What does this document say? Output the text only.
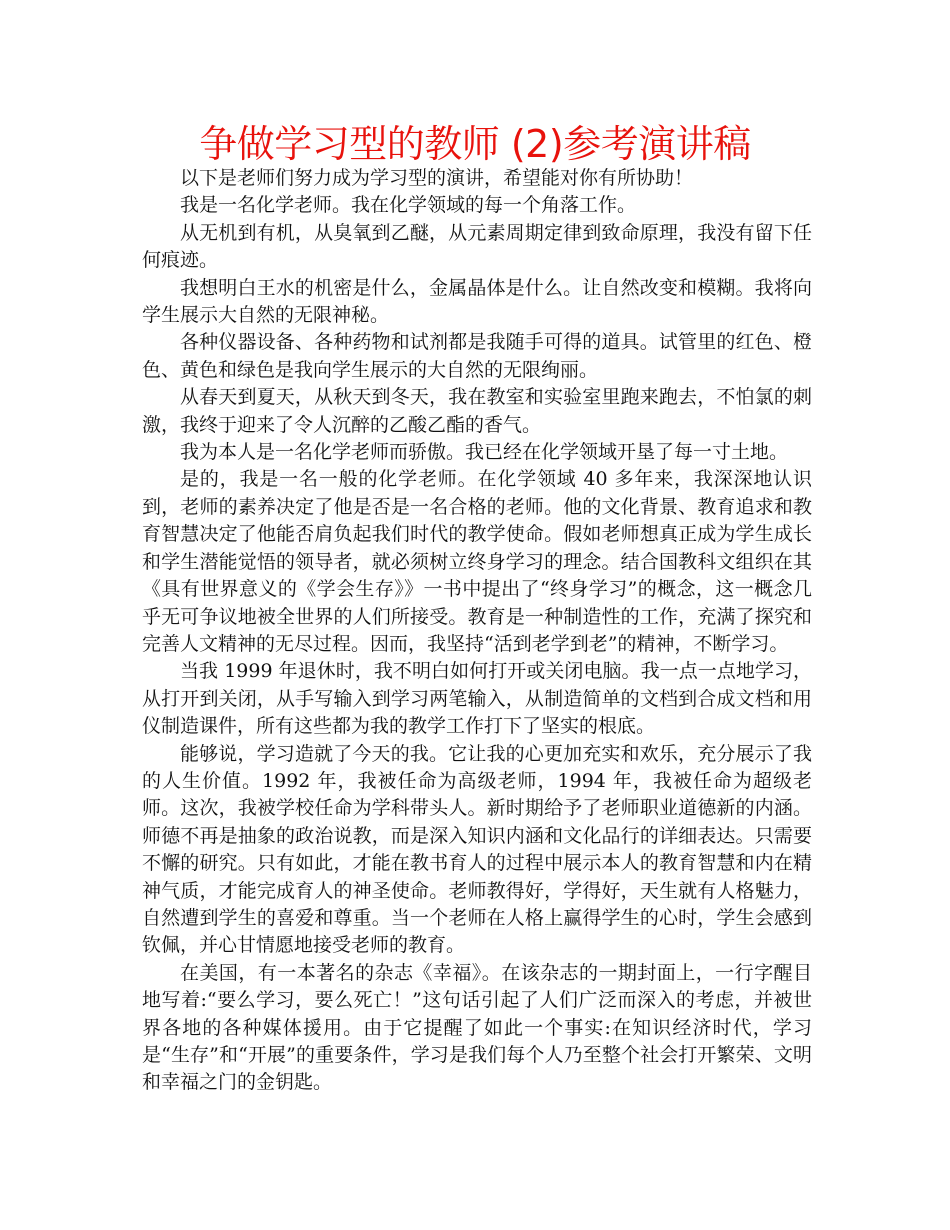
争做学习型的教师 (2)参考演讲稿

以下是老师们努力成为学习型的演讲，希望能对你有所协助！

我是一名化学老师。我在化学领域的每一个角落工作。

从无机到有机，从臭氧到乙醚，从元素周期定律到致命原理，我没有留下任何痕迹。

我想明白王水的机密是什么，金属晶体是什么。让自然改变和模糊。我将向学生展示大自然的无限神秘。

各种仪器设备、各种药物和试剂都是我随手可得的道具。试管里的红色、橙色、黄色和绿色是我向学生展示的大自然的无限绚丽。

从春天到夏天，从秋天到冬天，我在教室和实验室里跑来跑去，不怕氯的刺激，我终于迎来了令人沉醉的乙酸乙酯的香气。

我为本人是一名化学老师而骄傲。我已经在化学领域开垦了每一寸土地。

是的，我是一名一般的化学老师。在化学领域 40 多年来，我深深地认识到，老师的素养决定了他是否是一名合格的老师。他的文化背景、教育追求和教育智慧决定了他能否肩负起我们时代的教学使命。假如老师想真正成为学生成长和学生潜能觉悟的领导者，就必须树立终身学习的理念。结合国教科文组织在其《具有世界意义的《学会生存》》一书中提出了“终身学习”的概念，这一概念几乎无可争议地被全世界的人们所接受。教育是一种制造性的工作，充满了探究和完善人文精神的无尽过程。因而，我坚持“活到老学到老”的精神，不断学习。

当我 1999 年退休时，我不明白如何打开或关闭电脑。我一点一点地学习，从打开到关闭，从手写输入到学习两笔输入，从制造简单的文档到合成文档和用仪制造课件，所有这些都为我的教学工作打下了坚实的根底。

能够说，学习造就了今天的我。它让我的心更加充实和欢乐，充分展示了我的人生价值。1992 年，我被任命为高级老师，1994 年，我被任命为超级老师。这次，我被学校任命为学科带头人。新时期给予了老师职业道德新的内涵。师德不再是抽象的政治说教，而是深入知识内涵和文化品行的详细表达。只需要不懈的研究。只有如此，才能在教书育人的过程中展示本人的教育智慧和内在精神气质，才能完成育人的神圣使命。老师教得好，学得好，天生就有人格魅力，自然遭到学生的喜爱和尊重。当一个老师在人格上赢得学生的心时，学生会感到钦佩，并心甘情愿地接受老师的教育。

在美国，有一本著名的杂志《幸福》。在该杂志的一期封面上，一行字醒目地写着:“要么学习，要么死亡！”这句话引起了人们广泛而深入的考虑，并被世界各地的各种媒体援用。由于它提醒了如此一个事实:在知识经济时代，学习是“生存”和“开展”的重要条件，学习是我们每个人乃至整个社会打开繁荣、文明和幸福之门的金钥匙。
